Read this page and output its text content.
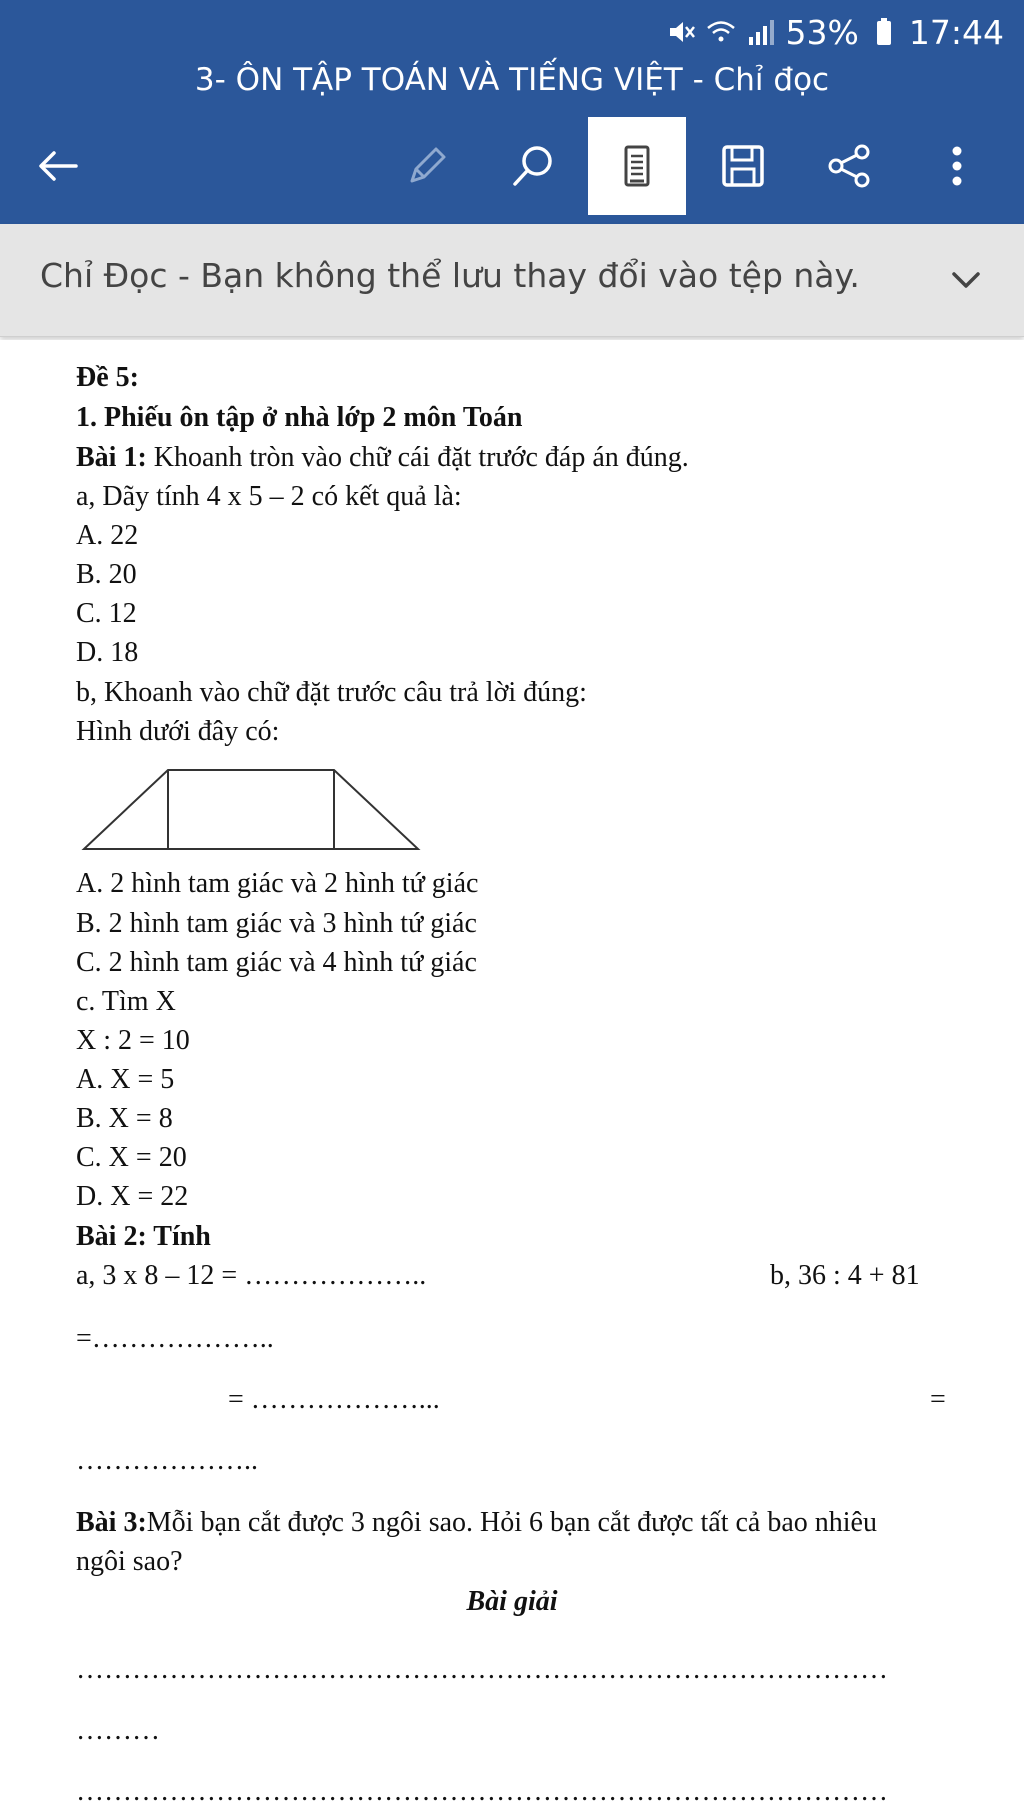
53% 17:44
3- ÔN TẬP TOÁN VÀ TIẾNG VIỆT - Chỉ đọc
Chỉ Đọc - Bạn không thể lưu thay đổi vào tệp này.
Đề 5:
1. Phiếu ôn tập ở nhà lớp 2 môn Toán
Bài 1: Khoanh tròn vào chữ cái đặt trước đáp án đúng.
a, Dãy tính 4 x 5 – 2 có kết quả là:
A. 22
B. 20
C. 12
D. 18
b, Khoanh vào chữ đặt trước câu trả lời đúng:
Hình dưới đây có:
A. 2 hình tam giác và 2 hình tứ giác
B. 2 hình tam giác và 3 hình tứ giác
C. 2 hình tam giác và 4 hình tứ giác
c. Tìm X
X : 2 = 10
A. X = 5
B. X = 8
C. X = 20
D. X = 22
Bài 2: Tính
a, 3 x 8 – 12 = ………………..	b, 36 : 4 + 81
=………………..
= ………………...	=
………………..
Bài 3:Mỗi bạn cắt được 3 ngôi sao. Hỏi 6 bạn cắt được tất cả bao nhiêu
ngôi sao?
Bài giải
……………………………………………………………………………
………
……………………………………………………………………………
